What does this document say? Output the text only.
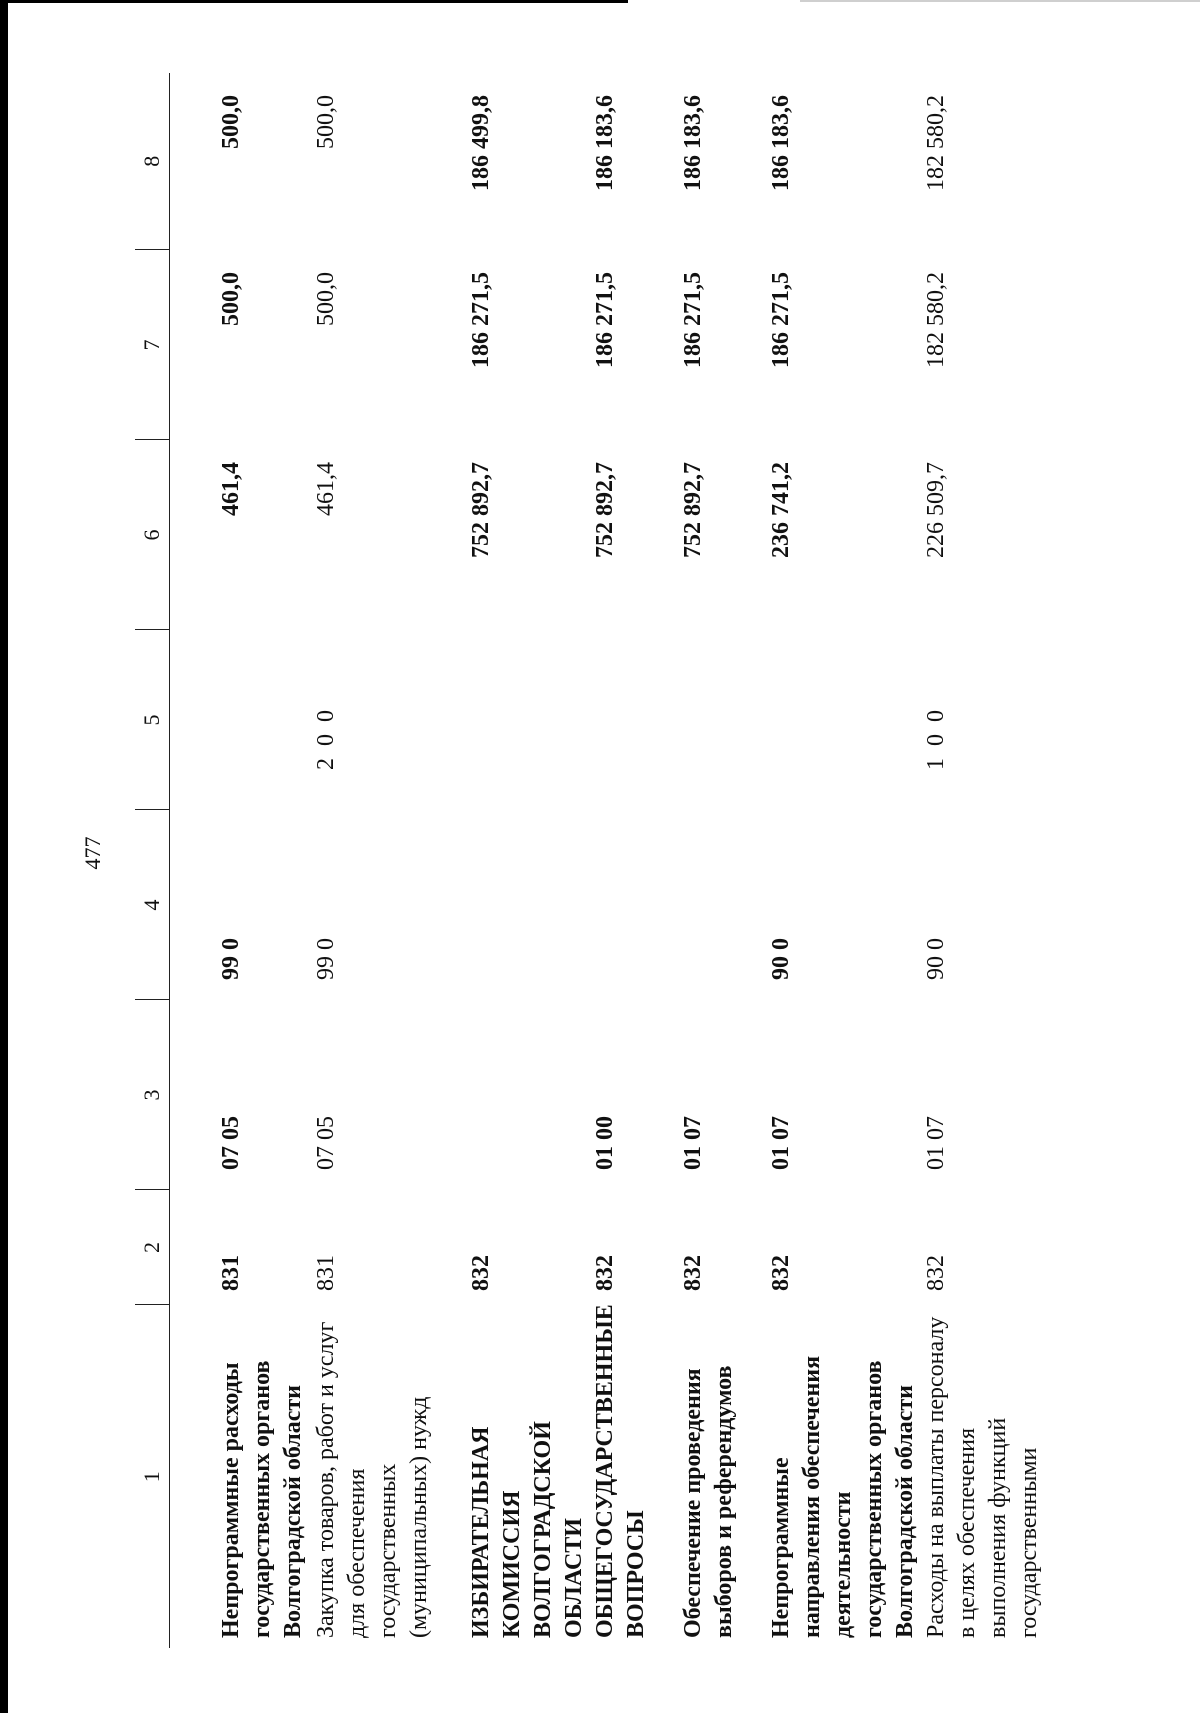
477
1	2	3	4	5	6	7	8
Непрограммные расходы государственных органов Волгоградской области	831	07 05	99 0		461,4	500,0	500,0
Закупка товаров, работ и услуг для обеспечения государственных (муниципальных) нужд	831	07 05	99 0	2 0 0	461,4	500,0	500,0
ИЗБИРАТЕЛЬНАЯ КОМИССИЯ ВОЛГОГРАДСКОЙ ОБЛАСТИ	832				752 892,7	186 271,5	186 499,8
ОБЩЕГОСУДАРСТВЕННЫЕ ВОПРОСЫ	832	01 00			752 892,7	186 271,5	186 183,6
Обеспечение проведения выборов и референдумов	832	01 07			752 892,7	186 271,5	186 183,6
Непрограммные направления обеспечения деятельности государственных органов Волгоградской области	832	01 07	90 0		236 741,2	186 271,5	186 183,6
Расходы на выплаты персоналу в целях обеспечения выполнения функций государственными	832	01 07	90 0	1 0 0	226 509,7	182 580,2	182 580,2
